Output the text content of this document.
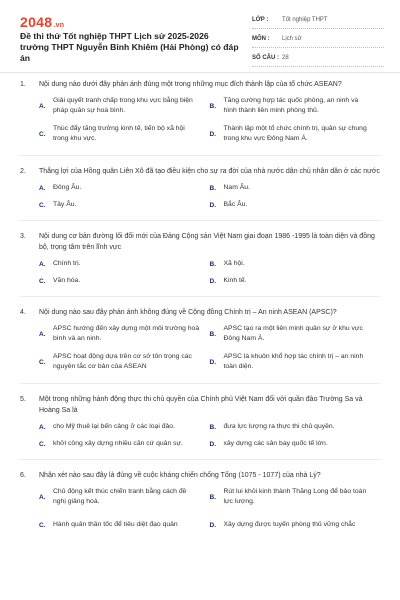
2048.vn
Đề thi thử Tốt nghiệp THPT Lịch sử 2025-2026 trường THPT Nguyễn Bỉnh Khiêm (Hải Phòng) có đáp án
LỚP :	Tốt nghiệp THPT
MÔN :	Lịch sử
SỐ CÂU : 28
1.	Nội dung nào dưới đây phản ánh đúng một trong những mục đích thành lập của tổ chức ASEAN?
A.
Giải quyết tranh chấp trong khu vực bằng biện pháp quân sự hoà bình.
B.
Tăng cường hợp tác quốc phòng, an ninh và hình thành liên minh phòng thủ.
C.
Thúc đẩy tăng trưởng kinh tế, tiến bộ xã hội trong khu vực.
D.
Thành lập một tổ chức chính trị, quân sự chung trong khu vực Đông Nam Á.
2.	Thắng lợi của Hồng quân Liên Xô đã tạo điều kiện cho sự ra đời của nhà nước dân chủ nhân dân ở các nước
A.	Đông Âu.	B.	Nam Âu.
C.	Tây Âu.	D.	Bắc Âu.
3.	Nội dung cơ bản đường lối đổi mới của Đảng Cộng sản Việt Nam giai đoạn 1986 -1995 là toàn diện và đồng bộ, trọng tâm trên lĩnh vực
A.	Chính trị.	B.	Xã hội.
C.	Văn hóa.	D.	Kinh tế.
4.	Nội dung nào sau đây phản ánh không đúng về Cộng đồng Chính trị – An ninh ASEAN (APSC)?
A.
APSC hướng đến xây dựng một môi trường hoà bình và an ninh.
B.
APSC tạo ra một liên minh quân sự ở khu vực Đông Nam Á.
C.
APSC hoạt động dựa trên cơ sở tôn trọng các nguyên tắc cơ bản của ASEAN
D.
APSC là khuôn khổ hợp tác chính trị – an ninh toàn diện.
5.	Một trong những hành động thực thi chủ quyền của Chính phủ Việt Nam đối với quần đảo Trường Sa và Hoàng Sa là
A.	cho Mỹ thuê lại bến cảng ở các loại đảo.	B.	đưa lực lượng ra thực thi chủ quyền.
C.	khởi công xây dựng nhiều căn cứ quân sự.	D.	xây dựng các sân bay quốc tế lớn.
6.	Nhận xét nào sau đây là đúng về cuộc kháng chiến chống Tống (1075 - 1077) của nhà Lý?
A.
Chủ động kết thúc chiến tranh bằng cách đề nghị giảng hoà.
B.
Rút lui khỏi kinh thành Thăng Long để bảo toàn lực lượng.
C.	Hành quân thần tốc để tiêu diệt đạo quân	D.	Xây dựng được tuyến phòng thủ vững chắc
